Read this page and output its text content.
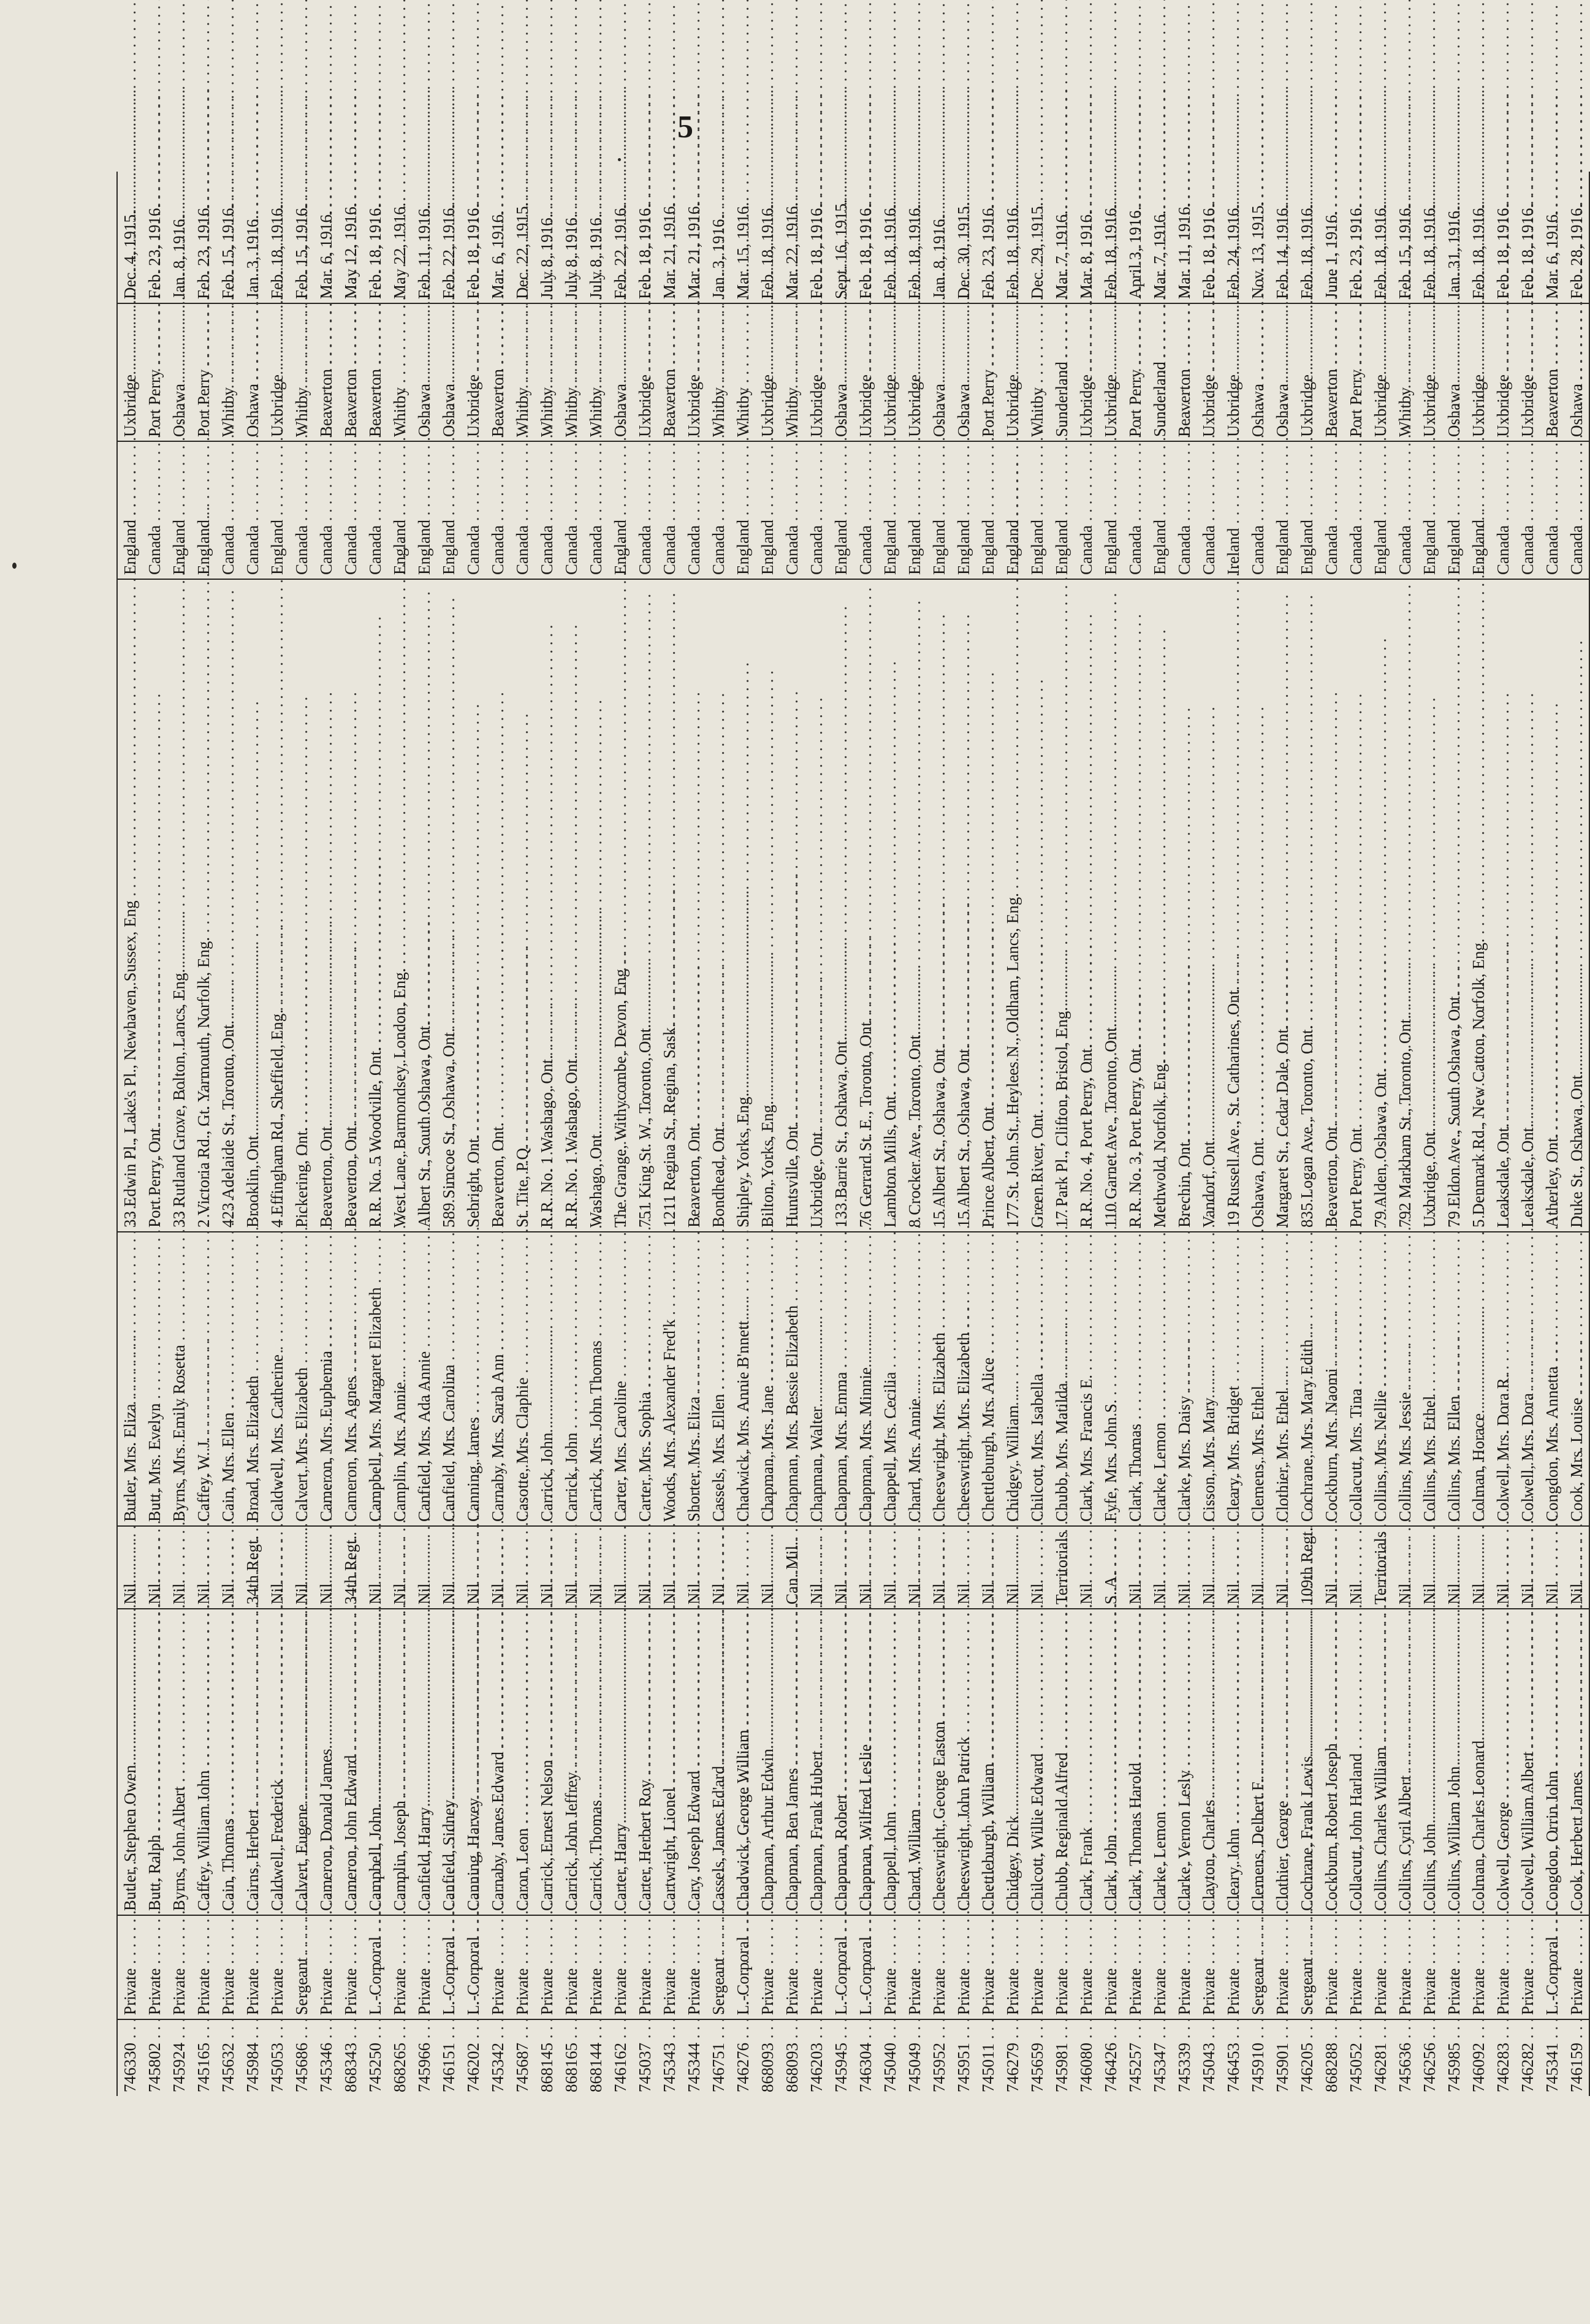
5
746330 . . .	Private . . .	Butler, Stephen Owen . . .	Nil	Butler, Mrs. Eliza . . .	33 Edwin Pl., Lake's Pl., Newhaven, Sussex, Eng . . .	England . . .	Uxbridge . . .	Dec. 4, 1915.
745802 . . .	Private . . .	Butt, Ralph . . .	Nil	Butt, Mrs. Evelyn . . .	Port Perry, Ont. . . .	Canada . . .	Port Perry . . .	Feb. 23, 1916.
745924 . . .	Private . . .	Byrns, John Albert . . .	Nil	Byrns, Mrs. Emily Rosetta . . .	33 Rutland Grove, Bolton, Lancs, Eng. . . .	England . . .	Oshawa . . .	Jan. 8, 1916.
745165 . . .	Private . . .	Caffey, William John . . .	Nil	Caffey, W. J. . . .	2 Victoria Rd., Gt. Yarmouth, Norfolk, Eng. . . .	England . . .	Port Perry . . .	Feb. 23, 1916.
745632 . . .	Private . . .	Cain, Thomas . . .	Nil	Cain, Mrs. Ellen . . .	423 Adelaide St., Toronto, Ont. . . .	Canada . . .	Whitby . . .	Feb. 15, 1916.
745984 . . .	Private . . .	Cairns, Herbert . . .	34th Regt.	Broad, Mrs. Elizabeth . . .	Brooklin, Ont. . . .	Canada . . .	Oshawa . . .	Jan. 3, 1916.
745053 . . .	Private . . .	Caldwell, Frederick . . .	Nil	Caldwell, Mrs. Catherine . . .	4 Effingham Rd., Sheffield, Eng. . . .	England . . .	Uxbridge . . .	Feb. 18, 1916.
745686 . . .	Sergeant . . .	Calvert, Eugene . . .	Nil	Calvert, Mrs. Elizabeth . . .	Pickering, Ont. . . .	Canada . . .	Whitby . . .	Feb. 15, 1916.
745346 . . .	Private . . .	Cameron, Donald James . . .	Nil	Cameron, Mrs. Euphemia . . .	Beaverton, Ont. . . .	Canada . . .	Beaverton . . .	Mar. 6, 1916.
868343 . . .	Private . . .	Cameron, John Edward . . .	34th Regt.	Cameron, Mrs. Agnes . . .	Beaverton, Ont. . . .	Canada . . .	Beaverton . . .	May 12, 1916.
745250 . . .	L.-Corporal . . .	Campbell, John . . .	Nil	Campbell, Mrs. Margaret Elizabeth . . .	R.R. No. 5 Woodville, Ont. . . .	Canada . . .	Beaverton . . .	Feb. 18, 1916.
868265 . . .	Private . . .	Camplin, Joseph . . .	Nil	Camplin, Mrs. Annie . . .	West Lane, Barmondsey, London, Eng. . . .	England . . .	Whitby . . .	May 22, 1916.
745966 . . .	Private . . .	Canfield, Harry . . .	Nil	Canfield, Mrs. Ada Annie . . .	Albert St., South Oshawa, Ont. . . .	England . . .	Oshawa . . .	Feb. 11, 1916.
746151 . . .	L.-Corporal . . .	Canfield, Sidney . . .	Nil	Canfield, Mrs. Carolina . . .	589 Simcoe St., Oshawa, Ont. . . .	England . . .	Oshawa . . .	Feb. 22, 1916.
746202 . . .	L.-Corporal . . .	Canning, Harvey . . .	Nil	Canning, James . . .	Sebright, Ont. . . .	Canada . . .	Uxbridge . . .	Feb. 18, 1916.
745342 . . .	Private . . .	Carnaby, James Edward . . .	Nil	Carnaby, Mrs. Sarah Ann . . .	Beaverton, Ont. . . .	Canada . . .	Beaverton . . .	Mar. 6, 1916.
745687 . . .	Private . . .	Caron, Leon . . .	Nil	Casotte, Mrs. Claphie . . .	St. Tite, P.Q. . . .	Canada . . .	Whitby . . .	Dec. 22, 1915.
868145 . . .	Private . . .	Carrick, Ernest Nelson . . .	Nil	Carrick, John . . .	R.R. No. 1 Washago, Ont. . . .	Canada . . .	Whitby . . .	July 8, 1916.
868165 . . .	Private . . .	Carrick, John Jeffrey . . .	Nil	Carrick, John . . .	R.R. No. 1 Washago, Ont. . . .	Canada . . .	Whitby . . .	July 8, 1916.
868144 . . .	Private . . .	Carrick, Thomas . . .	Nil	Carrick, Mrs. John Thomas . . .	Washago, Ont. . . .	Canada . . .	Whitby . . .	July 8, 1916.
746162 . . .	Private . . .	Carter, Harry . . .	Nil	Carter, Mrs. Caroline . . .	The Grange, Withycombe, Devon, Eng . . .	England . . .	Oshawa . . .	Feb. 22, 1916.
745037 . . .	Private . . .	Carter, Herbert Roy . . .	Nil	Carter, Mrs. Sophia . . .	751 King St. W., Toronto, Ont. . . .	Canada . . .	Uxbridge . . .	Feb. 18, 1916.
745343 . . .	Private . . .	Cartwright, Lionel . . .	Nil	Woods, Mrs. Alexander Fred'k . . .	1211 Regina St., Regina, Sask. . . .	Canada . . .	Beaverton . . .	Mar. 21, 1916.
745344 . . .	Private . . .	Cary, Joseph Edward . . .	Nil	Shorter, Mrs. Eliza . . .	Beaverton, Ont. . . .	Canada . . .	Uxbridge . . .	Mar. 21, 1916.
746751 . . .	Sergeant . . .	Cassels, James Ed'ard . . .	Nil	Cassels, Mrs. Ellen . . .	Bondhead, Ont. . . .	Canada . . .	Whitby . . .	Jan. 3, 1916.
746276 . . .	L.-Corporal . . .	Chadwick, George William . . .	Nil	Chadwick, Mrs. Annie B'nnett . . .	Shipley, Yorks, Eng. . . .	England . . .	Whitby . . .	Mar. 15, 1916.
868093 . . .	Private . . .	Chapman, Arthur Edwin . . .	Nil	Chapman, Mrs. Jane . . .	Bilton, Yorks, Eng. . . .	England . . .	Uxbridge . . .	Feb. 18, 1916.
868093 . . .	Private . . .	Chapman, Ben James . . .	Can. Mil.	Chapman, Mrs. Bessie Elizabeth . . .	Huntsville, Ont. . . .	Canada . . .	Whitby . . .	Mar. 22, 1916.
746203 . . .	Private . . .	Chapman, Frank Hubert . . .	Nil	Chapman, Walter . . .	Uxbridge, Ont. . . .	Canada . . .	Uxbridge . . .	Feb. 18, 1916.
745945 . . .	L.-Corporal . . .	Chapman, Robert . . .	Nil	Chapman, Mrs. Emma . . .	133 Barrie St., Oshawa, Ont. . . .	England . . .	Oshawa . . .	Sept. 16, 1915.
746304 . . .	L.-Corporal . . .	Chapman, Wilfred Leslie . . .	Nil	Chapman, Mrs. Minnie . . .	76 Gerrard St. E., Toronto, Ont. . . .	Canada . . .	Uxbridge . . .	Feb. 18, 1916.
745040 . . .	Private . . .	Chappell, John . . .	Nil	Chappell, Mrs. Cecilia . . .	Lambton Mills, Ont. . . .	England . . .	Uxbridge . . .	Feb. 18, 1916.
745049 . . .	Private . . .	Chard, William . . .	Nil	Chard, Mrs. Annie . . .	8 Crocker Ave., Toronto, Ont. . . .	England . . .	Uxbridge . . .	Feb. 18, 1916.
745952 . . .	Private . . .	Cheeswright, George Easton . . .	Nil	Cheeswright, Mrs. Elizabeth . . .	15 Albert St., Oshawa, Ont. . . .	England . . .	Oshawa . . .	Jan. 8, 1916.
745951 . . .	Private . . .	Cheeswright, John Patrick . . .	Nil	Cheeswright, Mrs. Elizabeth . . .	15 Albert St., Oshawa, Ont. . . .	England . . .	Oshawa . . .	Dec. 30, 1915.
745011 . . .	Private . . .	Chettleburgh, William . . .	Nil	Chettleburgh, Mrs. Alice . . .	Prince Albert, Ont. . . .	England . . .	Port Perry . . .	Feb. 23, 1916.
746279 . . .	Private . . .	Chidgey, Dick . . .	Nil	Chidgey, William . . .	177 St. John St., Heylees N., Oldham, Lancs, Eng. . . .	England . . .	Uxbridge . . .	Feb. 18, 1916.
745659 . . .	Private . . .	Chilcott, Willie Edward . . .	Nil	Chilcott, Mrs. Isabella . . .	Green River, Ont. . . .	England . . .	Whitby . . .	Dec. 29, 1915.
745981 . . .	Private . . .	Chubb, Reginald Alfred . . .	Territorials	Chubb, Mrs. Matilda . . .	17 Park Pl., Clifton, Bristol, Eng. . . .	England . . .	Sunderland . . .	Mar. 7, 1916.
746080 . . .	Private . . .	Clark, Frank . . .	Nil	Clark, Mrs. Francis E. . . .	R.R. No. 4, Port Perry, Ont. . . .	Canada . . .	Uxbridge . . .	Mar. 8, 1916.
746426 . . .	Private . . .	Clark, John . . .	S. A.	Fyfe, Mrs. John S. . . .	110 Garnet Ave., Toronto, Ont. . . .	England . . .	Uxbridge . . .	Feb. 18, 1916.
745257 . . .	Private . . .	Clark, Thomas Harold . . .	Nil	Clark, Thomas . . .	R.R. No. 3, Port Perry, Ont. . . .	Canada . . .	Port Perry . . .	April 3, 1916.
745347 . . .	Private . . .	Clarke, Lemon . . .	Nil	Clarke, Lemon . . .	Methwold, Norfolk, Eng. . . .	England . . .	Sunderland . . .	Mar. 7, 1916.
745339 . . .	Private . . .	Clarke, Vernon Lesly . . .	Nil	Clarke, Mrs. Daisy . . .	Brechin, Ont. . . .	Canada . . .	Beaverton . . .	Mar. 11, 1916.
745043 . . .	Private . . .	Clayton, Charles . . .	Nil	Cisson, Mrs. Mary . . .	Vandorf, Ont. . . .	Canada . . .	Uxbridge . . .	Feb. 18, 1916.
746453 . . .	Private . . .	Cleary, John . . .	Nil	Cleary, Mrs. Bridget . . .	19 Russell Ave., St. Catharines, Ont. . . .	Ireland . . .	Uxbridge . . .	Feb. 24, 1916.
745910 . . .	Sergeant . . .	Clemens, Delbert F. . . .	Nil	Clemens, Mrs. Ethel . . .	Oshawa, Ont. . . .	Canada . . .	Oshawa . . .	Nov. 13, 1915.
745901 . . .	Private . . .	Clothier, George . . .	Nil	Clothier, Mrs. Ethel . . .	Margaret St., Cedar Dale, Ont. . . .	England . . .	Oshawa . . .	Feb. 14, 1916.
746205 . . .	Sergeant . . .	Cochrane, Frank Lewis . . .	109th Regt.	Cochrane, Mrs. Mary Edith . . .	835 Logan Ave., Toronto, Ont. . . .	England . . .	Uxbridge . . .	Feb. 18, 1916.
868288 . . .	Private . . .	Cockburn, Robert Joseph . . .	Nil	Cockburn, Mrs. Naomi . . .	Beaverton, Ont. . . .	Canada . . .	Beaverton . . .	June 1, 1916.
745052 . . .	Private . . .	Collacutt, John Harland . . .	Nil	Collacutt, Mrs. Tina . . .	Port Perry, Ont. . . .	Canada . . .	Port Perry . . .	Feb. 23, 1916.
746281 . . .	Private . . .	Collins, Charles William . . .	Territorials	Collins, Mrs. Nellie . . .	79 Alden, Oshawa, Ont. . . .	England . . .	Uxbridge . . .	Feb. 18, 1916.
745636 . . .	Private . . .	Collins, Cyril Albert . . .	Nil	Collins, Mrs. Jessie . . .	792 Markham St., Toronto, Ont. . . .	Canada . . .	Whitby . . .	Feb. 15, 1916.
746256 . . .	Private . . .	Collins, John . . .	Nil	Collins, Mrs. Ethel . . .	Uxbridge, Ont. . . .	England . . .	Uxbridge . . .	Feb. 18, 1916.
745985 . . .	Private . . .	Collins, William John . . .	Nil	Collins, Mrs. Ellen . . .	79 Eldon Ave., South Oshawa, Ont. . . .	England . . .	Oshawa . . .	Jan. 31, 1916.
746092 . . .	Private . . .	Colman, Charles Leonard . . .	Nil	Colman, Horace . . .	5 Denmark Rd., New Catton, Norfolk, Eng. . . .	England . . .	Uxbridge . . .	Feb. 18, 1916.
746283 . . .	Private . . .	Colwell, George . . .	Nil	Colwell, Mrs. Dora R. . . .	Leaksdale, Ont. . . .	Canada . . .	Uxbridge . . .	Feb. 18, 1916.
746282 . . .	Private . . .	Colwell, William Albert . . .	Nil	Colwell, Mrs. Dora . . .	Leaksdale, Ont. . . .	Canada . . .	Uxbridge . . .	Feb. 18, 1916.
745341 . . .	L.-Corporal . . .	Congdon, Orrin John . . .	Nil	Congdon, Mrs. Annetta . . .	Atherley, Ont. . . .	Canada . . .	Beaverton . . .	Mar. 6, 1916.
746159 . . .	Private . . .	Cook, Herbert James . . .	Nil	Cook, Mrs. Louise . . .	Duke St., Oshawa, Ont. . . .	Canada . . .	Oshawa . . .	Feb. 28, 1916.
